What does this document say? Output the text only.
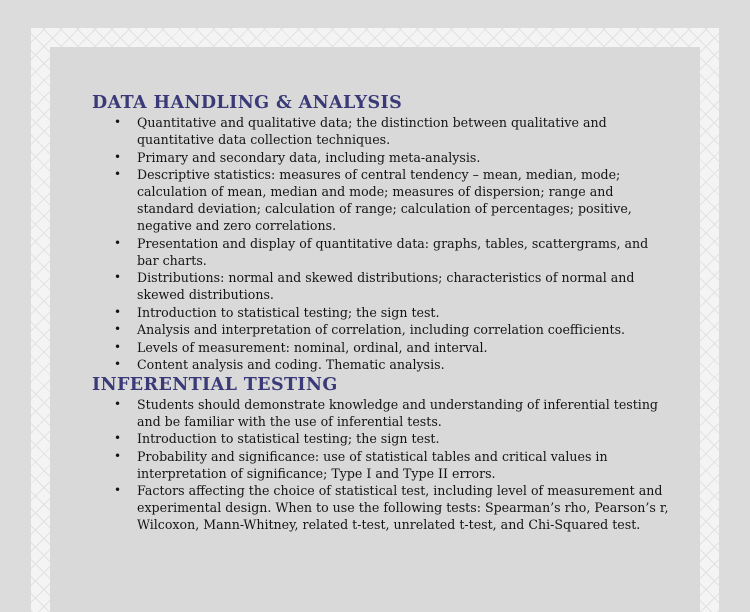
DATA HANDLING & ANALYSIS
• Quantitative and qualitative data; the distinction between qualitative and quantitative data collection techniques.
• Primary and secondary data, including meta-analysis.
• Descriptive statistics: measures of central tendency – mean, median, mode; calculation of mean, median and mode; measures of dispersion; range and standard deviation; calculation of range; calculation of percentages; positive, negative and zero correlations.
• Presentation and display of quantitative data: graphs, tables, scattergrams, and bar charts.
• Distributions: normal and skewed distributions; characteristics of normal and skewed distributions.
• Introduction to statistical testing; the sign test.
• Analysis and interpretation of correlation, including correlation coefficients.
• Levels of measurement: nominal, ordinal, and interval.
• Content analysis and coding. Thematic analysis.
INFERENTIAL TESTING
• Students should demonstrate knowledge and understanding of inferential testing and be familiar with the use of inferential tests.
• Introduction to statistical testing; the sign test.
• Probability and significance: use of statistical tables and critical values in interpretation of significance; Type I and Type II errors.
• Factors affecting the choice of statistical test, including level of measurement and experimental design. When to use the following tests: Spearman’s rho, Pearson’s r, Wilcoxon, Mann-Whitney, related t-test, unrelated t-test, and Chi-Squared test.
